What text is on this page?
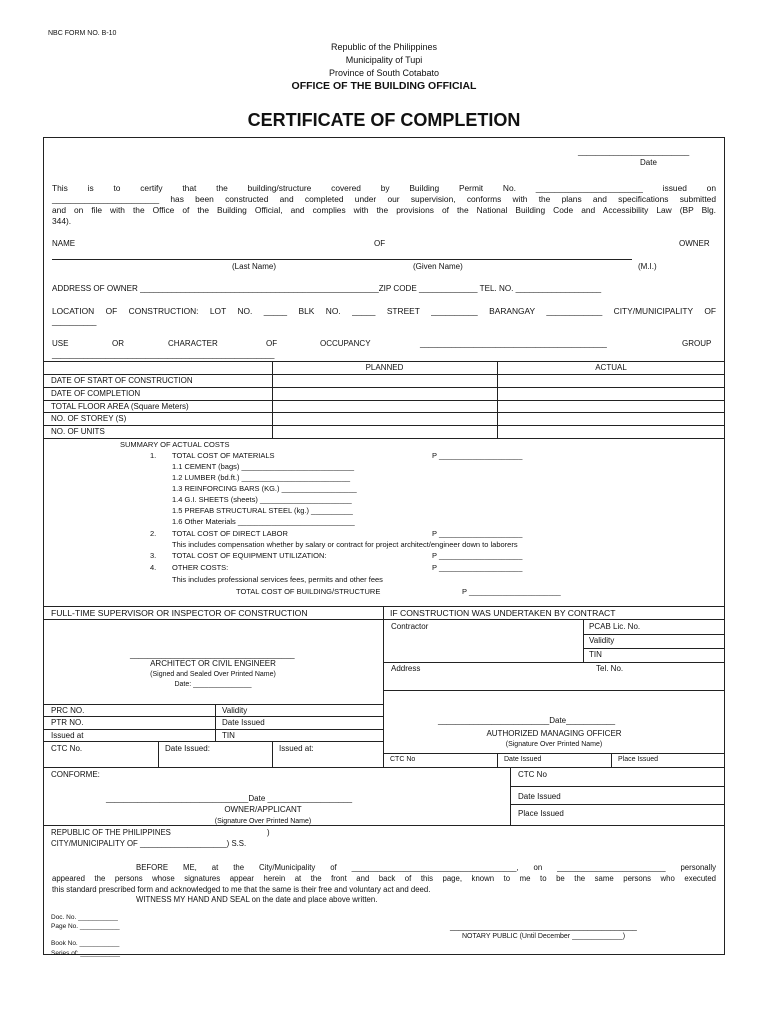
NBC FORM NO. B-10
Republic of the Philippines
Municipality of Tupi
Province of South Cotabato
OFFICE OF THE BUILDING OFFICIAL
CERTIFICATE OF COMPLETION
_________________________
Date
This is to certify that the building/structure covered by Building Permit No. _______________________ issued on
_______________________ has been constructed and completed under our supervision, conforms with the plans and specifications submitted
and on file with the Office of the Building Official, and complies with the provisions of the National Building Code and Accessibility Law (BP Blg.
344).
NAME	OF	OWNER
(Last Name)	(Given Name)	(M.I.)
ADDRESS OF OWNER _____________________________________________________ZIP CODE _____________ TEL. NO. ___________________
LOCATION OF CONSTRUCTION: LOT NO. _____ BLK NO. _____ STREET __________ BARANGAY ____________ CITY/MUNICIPALITY OF
__________
USE	OR	CHARACTER	OF	OCCUPANCY	__________________________________________	GROUP
__________________________________________________
PLANNED	ACTUAL
DATE OF START OF CONSTRUCTION
DATE OF COMPLETION
TOTAL FLOOR AREA (Square Meters)
NO. OF STOREY (S)
NO. OF UNITS
SUMMARY OF ACTUAL COSTS
1. TOTAL COST OF MATERIALS	P ____________________
1.1 CEMENT (bags) ___________________________
1.2 LUMBER (bd.ft.) __________________________
1.3 REINFORCING BARS (KG.) __________________
1.4 G.I. SHEETS (sheets) ______________________
1.5 PREFAB STRUCTURAL STEEL (kg.) __________
1.6 Other Materials ____________________________
2. TOTAL COST OF DIRECT LABOR	P ____________________
This includes compensation whether by salary or contract for project architect/engineer down to laborers
3. TOTAL COST OF EQUIPMENT UTILIZATION:	P ____________________
4. OTHER COSTS:	P ____________________
This includes professional services fees, permits and other fees
TOTAL COST OF BUILDING/STRUCTURE	P ______________________
FULL-TIME SUPERVISOR OR INSPECTOR OF CONSTRUCTION	IF CONSTRUCTION WAS UNDERTAKEN BY CONTRACT
_____________________________________
ARCHITECT OR CIVIL ENGINEER
(Signed and Sealed Over Printed Name)
Date: _______________
Contractor	PCAB Lic. No.
Validity
TIN
Address	Tel. No.
_________________________Date___________
AUTHORIZED MANAGING OFFICER
(Signature Over Printed Name)
PRC NO.	Validity
PTR NO.	Date Issued
Issued at	TIN
CTC No.	Date Issued:	Issued at:
CTC No	Date Issued	Place Issued
CONFORME:
________________________________Date ___________________
OWNER/APPLICANT
(Signature Over Printed Name)
CTC No
Date Issued
Place Issued
REPUBLIC OF THE PHILIPPINES	)
CITY/MUNICIPALITY OF ____________________) S.S.
BEFORE ME, at the City/Municipality of ______________________________________, on _________________________ personally
appeared the persons whose signatures appear herein at the front and back of this page, known to me to be the same persons who executed
this standard prescribed form and acknowledged to me that the same is their free and voluntary act and deed.
WITNESS MY HAND AND SEAL on the date and place above written.
Doc. No. ___________
Page No. ___________
Book No. ___________
Series of: ___________
__________________________________________
NOTARY PUBLIC (Until December _____________)
